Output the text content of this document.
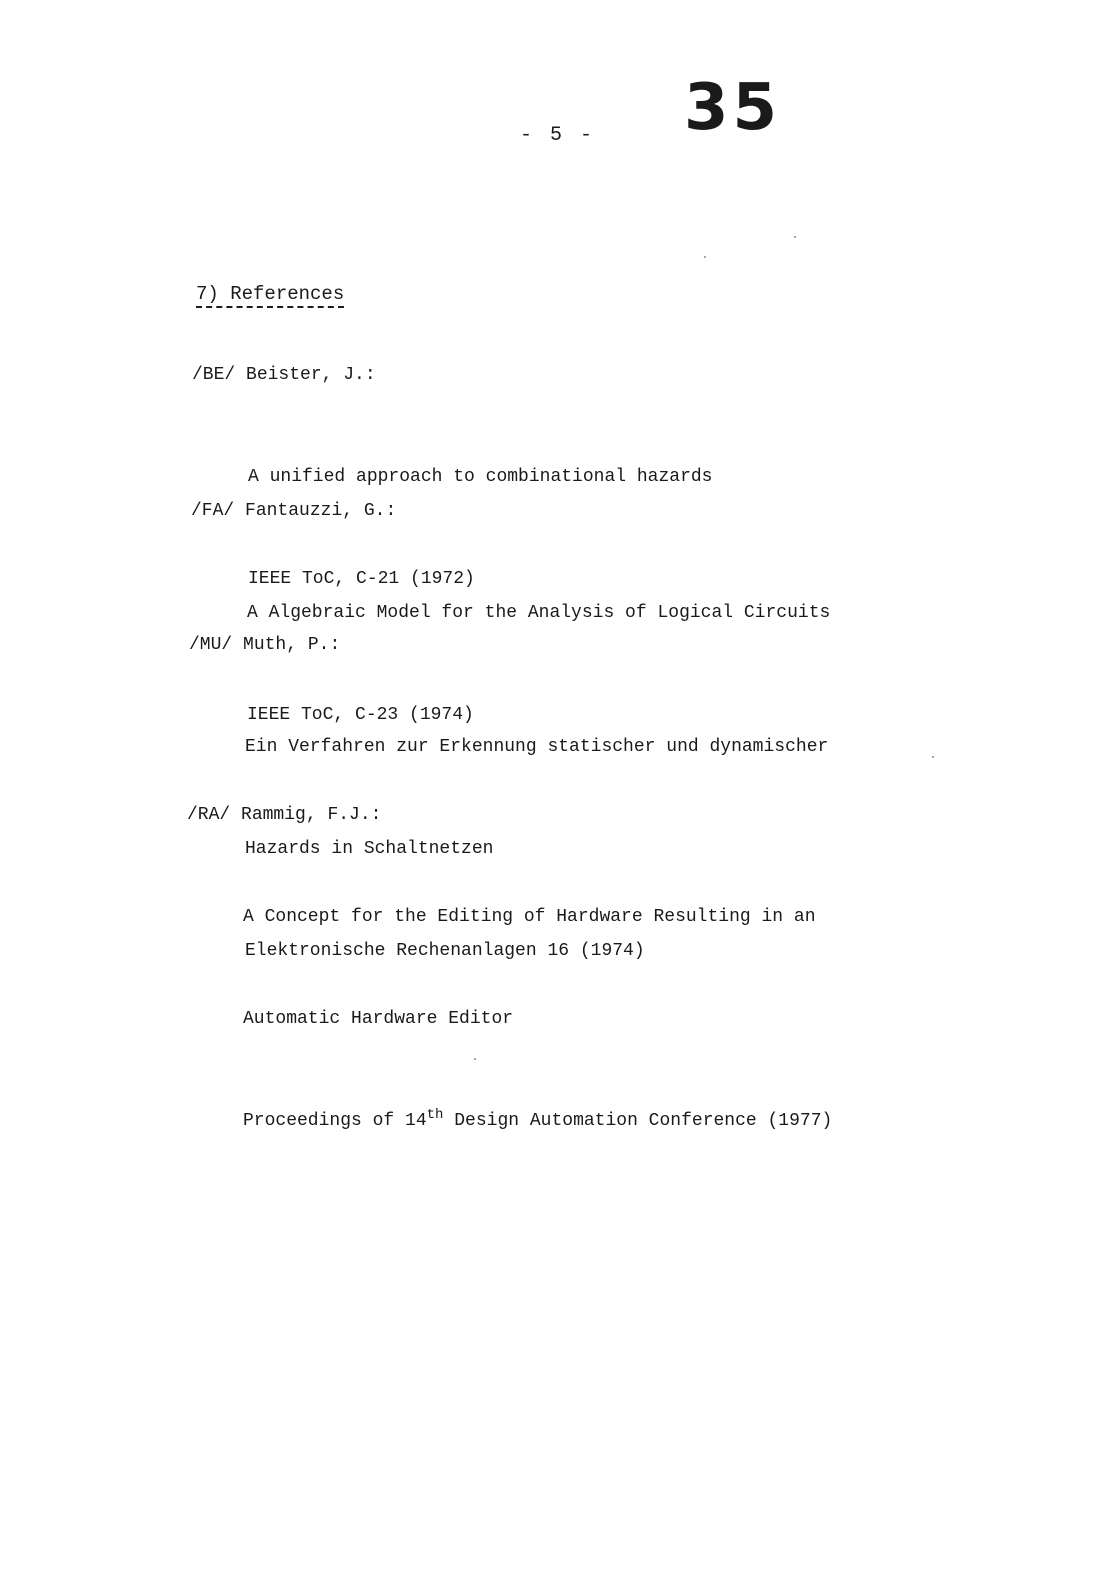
- 5 - 35
7) References
/BE/ Beister, J.:

A unified approach to combinational hazards

IEEE ToC, C-21 (1972)

/FA/ Fantauzzi, G.:

A Algebraic Model for the Analysis of Logical Circuits

IEEE ToC, C-23 (1974)

/MU/ Muth, P.:

Ein Verfahren zur Erkennung statischer und dynamischer

Hazards in Schaltnetzen

Elektronische Rechenanlagen 16 (1974)

/RA/ Rammig, F.J.:

A Concept for the Editing of Hardware Resulting in an

Automatic Hardware Editor

Proceedings of 14th Design Automation Conference (1977)
